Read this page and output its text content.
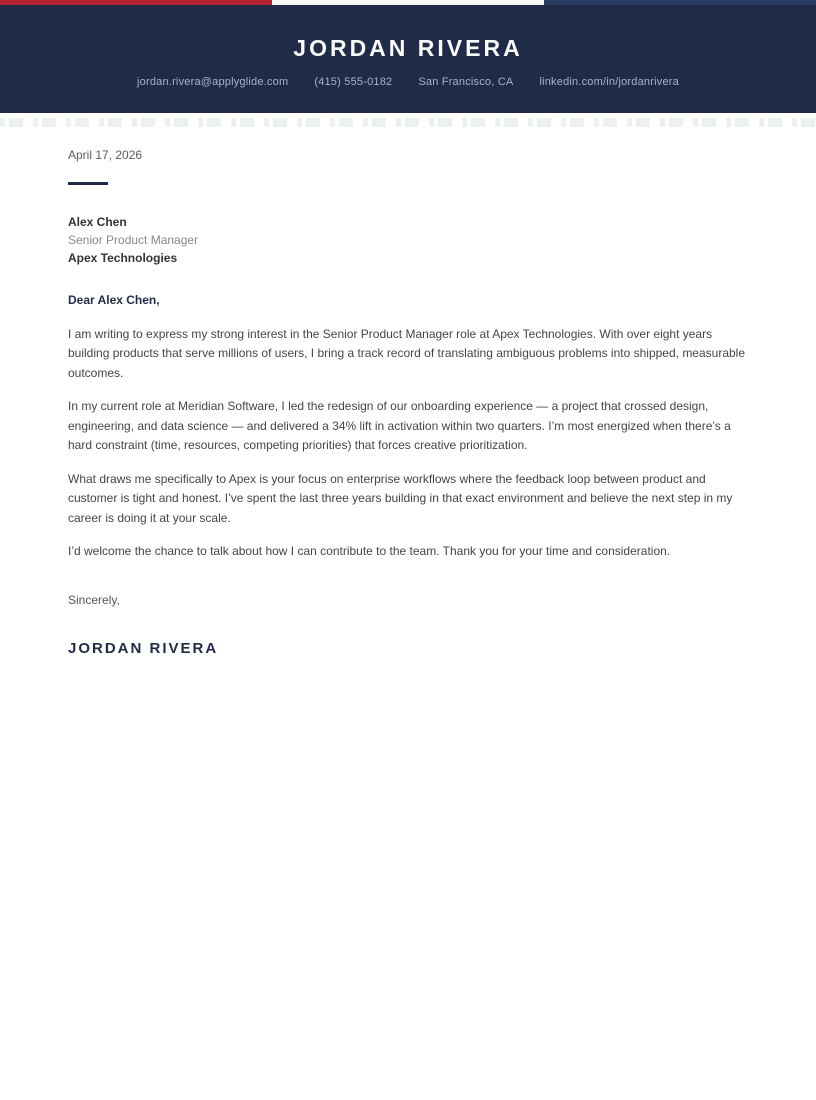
JORDAN RIVERA
jordan.rivera@applyglide.com (415) 555-0182 San Francisco, CA linkedin.com/in/jordanrivera
April 17, 2026
Alex Chen
Senior Product Manager
Apex Technologies
Dear Alex Chen,

I am writing to express my strong interest in the Senior Product Manager role at Apex Technologies. With over eight years building products that serve millions of users, I bring a track record of translating ambiguous problems into shipped, measurable outcomes.

In my current role at Meridian Software, I led the redesign of our onboarding experience — a project that crossed design, engineering, and data science — and delivered a 34% lift in activation within two quarters. I’m most energized when there’s a hard constraint (time, resources, competing priorities) that forces creative prioritization.

What draws me specifically to Apex is your focus on enterprise workflows where the feedback loop between product and customer is tight and honest. I’ve spent the last three years building in that exact environment and believe the next step in my career is doing it at your scale.

I’d welcome the chance to talk about how I can contribute to the team. Thank you for your time and consideration.

Sincerely,
JORDAN RIVERA
